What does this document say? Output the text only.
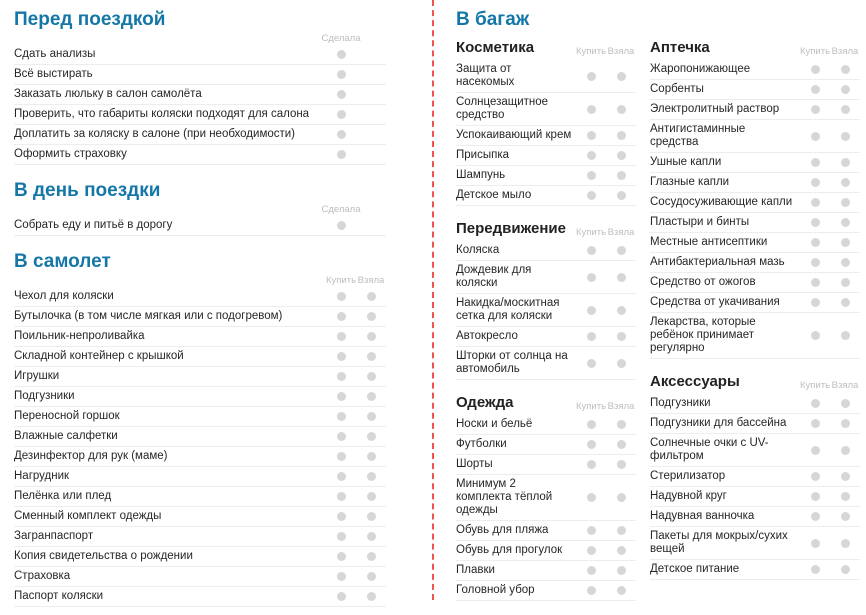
Перед поездкой
Сделала
Сдать анализы
Всё выстирать
Заказать люльку в салон самолёта
Проверить, что габариты коляски подходят для салона
Доплатить за коляску в салоне (при необходимости)
Оформить страховку
В день поездки
Сделала
Собрать еду и питьё в дорогу
В самолет
Купить Взяла
Чехол для коляски
Бутылочка (в том числе мягкая или с подогревом)
Поильник-непроливайка
Складной контейнер с крышкой
Игрушки
Подгузники
Переносной горшок
Влажные салфетки
Дезинфектор для рук (маме)
Нагрудник
Пелёнка или плед
Сменный комплект одежды
Загранпаспорт
Копия свидетельства о рождении
Страховка
Паспорт коляски
В багаж
Косметика	Купить Взяла
Защита от насекомых
Солнцезащитное средство
Успокаивающий крем
Присыпка
Шампунь
Детское мыло
Передвижение	Купить Взяла
Коляска
Дождевик для коляски
Накидка/москитная сетка для коляски
Автокресло
Шторки от солнца на автомобиль
Одежда	Купить Взяла
Носки и бельё
Футболки
Шорты
Минимум 2 комплекта тёплой одежды
Обувь для пляжа
Обувь для прогулок
Плавки
Головной убор
Аптечка	Купить Взяла
Жаропонижающее
Сорбенты
Электролитный раствор
Антигистаминные средства
Ушные капли
Глазные капли
Сосудосуживающие капли
Пластыри и бинты
Местные антисептики
Антибактериальная мазь
Средство от ожогов
Средства от укачивания
Лекарства, которые ребёнок принимает регулярно
Аксессуары	Купить Взяла
Подгузники
Подгузники для бассейна
Солнечные очки с UV-фильтром
Стерилизатор
Надувной круг
Надувная ванночка
Пакеты для мокрых/сухих вещей
Детское питание
